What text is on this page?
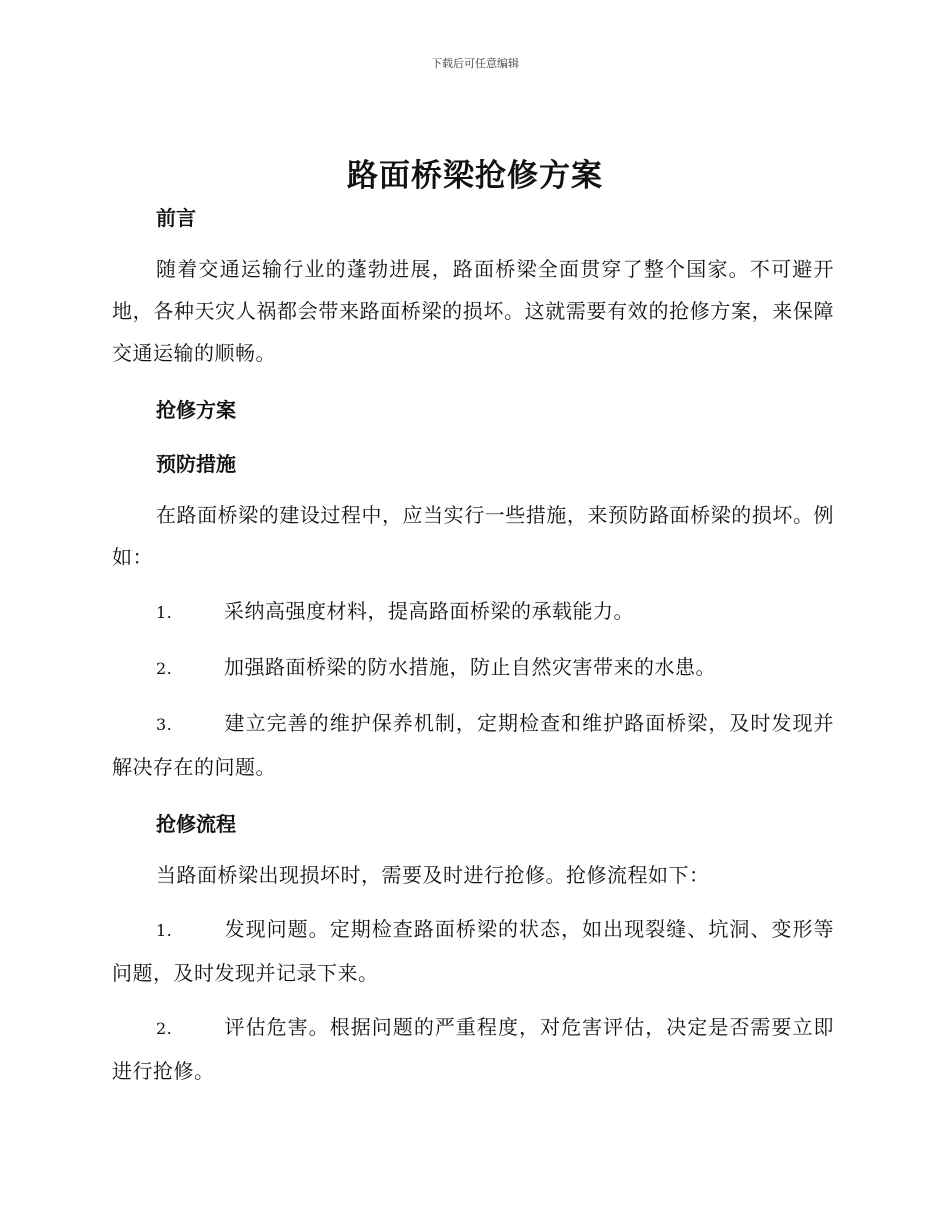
下载后可任意编辑
路面桥梁抢修方案

前言

随着交通运输行业的蓬勃进展，路面桥梁全面贯穿了整个国家。不可避开地，各种天灾人祸都会带来路面桥梁的损坏。这就需要有效的抢修方案，来保障交通运输的顺畅。

抢修方案

预防措施

在路面桥梁的建设过程中，应当实行一些措施，来预防路面桥梁的损坏。例如：

1.	采纳高强度材料，提高路面桥梁的承载能力。

2.	加强路面桥梁的防水措施，防止自然灾害带来的水患。

3.	建立完善的维护保养机制，定期检查和维护路面桥梁，及时发现并解决存在的问题。

抢修流程

当路面桥梁出现损坏时，需要及时进行抢修。抢修流程如下：

1.	发现问题。定期检查路面桥梁的状态，如出现裂缝、坑洞、变形等问题，及时发现并记录下来。

2.	评估危害。根据问题的严重程度，对危害评估，决定是否需要立即进行抢修。
